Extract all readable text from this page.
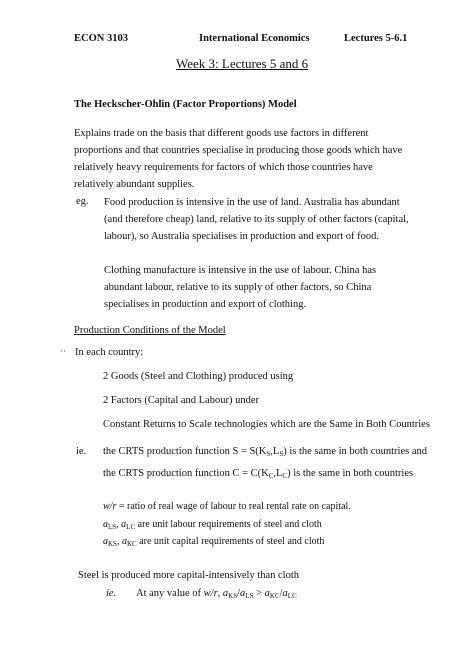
ECON 3103	International Economics	Lectures 5-6.1
Week 3: Lectures 5 and 6
The Heckscher-Ohlin (Factor Proportions) Model
Explains trade on the basis that different goods use factors in different proportions and that countries specialise in producing those goods which have relatively heavy requirements for factors of which those countries have relatively abundant supplies.
eg. Food production is intensive in the use of land. Australia has abundant (and therefore cheap) land, relative to its supply of other factors (capital, labour), so Australia specialises in production and export of food.
Clothing manufacture is intensive in the use of labour. China has abundant labour, relative to its supply of other factors, so China specialises in production and export of clothing.
Production Conditions of the Model
·· In each country:
2 Goods (Steel and Clothing) produced using
2 Factors (Capital and Labour) under
Constant Returns to Scale technologies which are the Same in Both Countries
ie. the CRTS production function $S = S(K_S,L_S)$ is the same in both countries and
the CRTS production function $C = C(K_C,L_C)$ is the same in both countries
w/r = ratio of real wage of labour to real rental rate on capital.
$a_{LS}$, $a_{LC}$ are unit labour requirements of steel and cloth
$a_{KS}$, $a_{KC}$ are unit capital requirements of steel and cloth
Steel is produced more capital-intensively than cloth
ie. At any value of w/r, $a_{KS}/a_{LS} > a_{KC}/a_{LC}$
